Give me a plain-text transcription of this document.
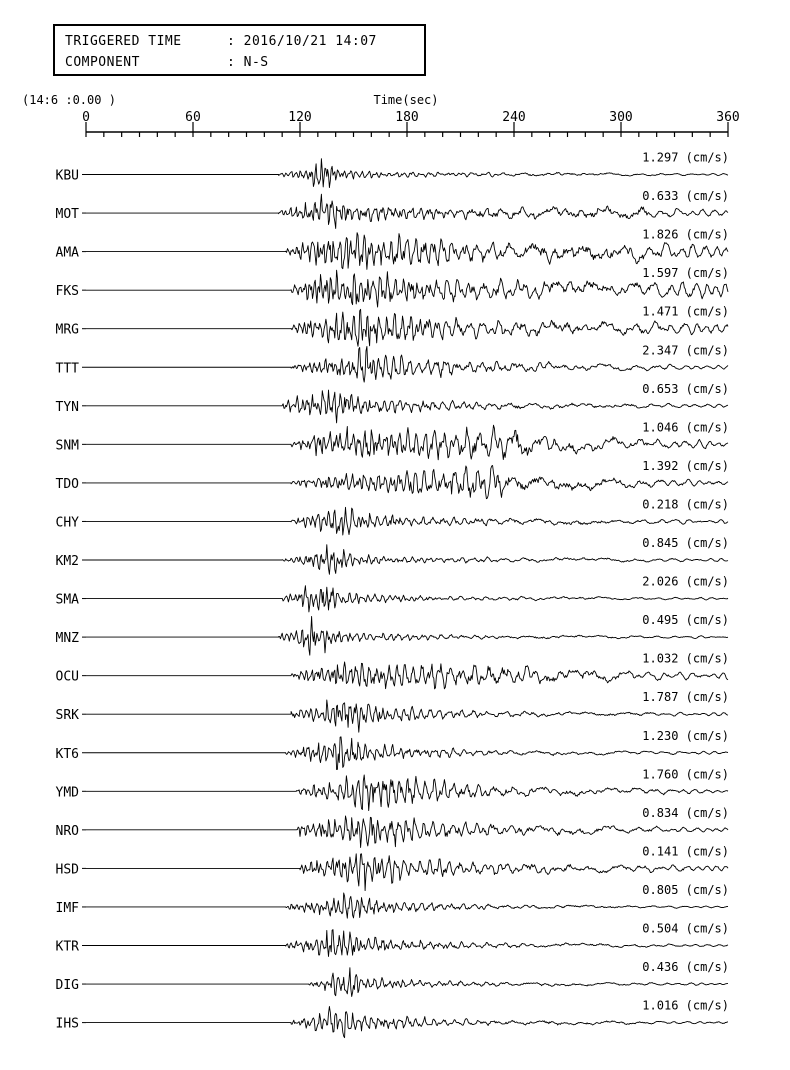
TRIGGERED TIME	: 2016/10/21 14:07
COMPONENT	: N-S
(14:6 :0.00 )	Time(sec)
0	60	120	180	240	300	360
KBU
1.297 (cm/s)
MOT
0.633 (cm/s)
AMA
1.826 (cm/s)
FKS
1.597 (cm/s)
MRG
1.471 (cm/s)
TTT
2.347 (cm/s)
TYN
0.653 (cm/s)
SNM
1.046 (cm/s)
TDO
1.392 (cm/s)
CHY
0.218 (cm/s)
KM2
0.845 (cm/s)
SMA
2.026 (cm/s)
MNZ
0.495 (cm/s)
OCU
1.032 (cm/s)
SRK
1.787 (cm/s)
KT6
1.230 (cm/s)
YMD
1.760 (cm/s)
NRO
0.834 (cm/s)
HSD
0.141 (cm/s)
IMF
0.805 (cm/s)
KTR
0.504 (cm/s)
DIG
0.436 (cm/s)
IHS
1.016 (cm/s)
